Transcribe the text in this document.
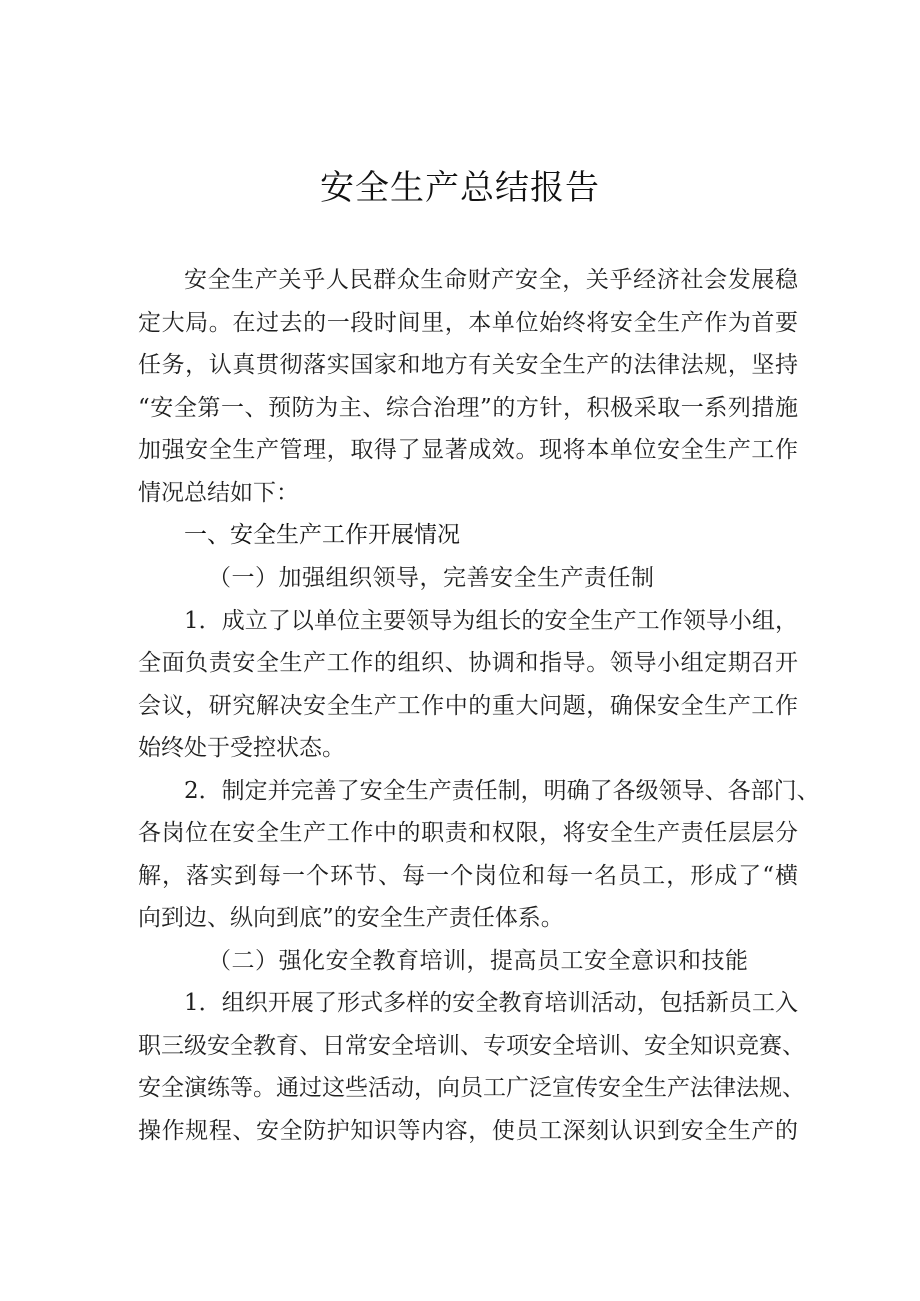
安全生产总结报告

安全生产关乎人民群众生命财产安全，关乎经济社会发展稳

定大局。在过去的一段时间里，本单位始终将安全生产作为首要

任务，认真贯彻落实国家和地方有关安全生产的法律法规，坚持

“安全第一、预防为主、综合治理”的方针，积极采取一系列措施

加强安全生产管理，取得了显著成效。现将本单位安全生产工作

情况总结如下：

一、安全生产工作开展情况

（一）加强组织领导，完善安全生产责任制

1．成立了以单位主要领导为组长的安全生产工作领导小组，

全面负责安全生产工作的组织、协调和指导。领导小组定期召开

会议，研究解决安全生产工作中的重大问题，确保安全生产工作

始终处于受控状态。

2．制定并完善了安全生产责任制，明确了各级领导、各部门、

各岗位在安全生产工作中的职责和权限，将安全生产责任层层分

解，落实到每一个环节、每一个岗位和每一名员工，形成了“横

向到边、纵向到底”的安全生产责任体系。

（二）强化安全教育培训，提高员工安全意识和技能

1．组织开展了形式多样的安全教育培训活动，包括新员工入

职三级安全教育、日常安全培训、专项安全培训、安全知识竞赛、

安全演练等。通过这些活动，向员工广泛宣传安全生产法律法规、

操作规程、安全防护知识等内容，使员工深刻认识到安全生产的
